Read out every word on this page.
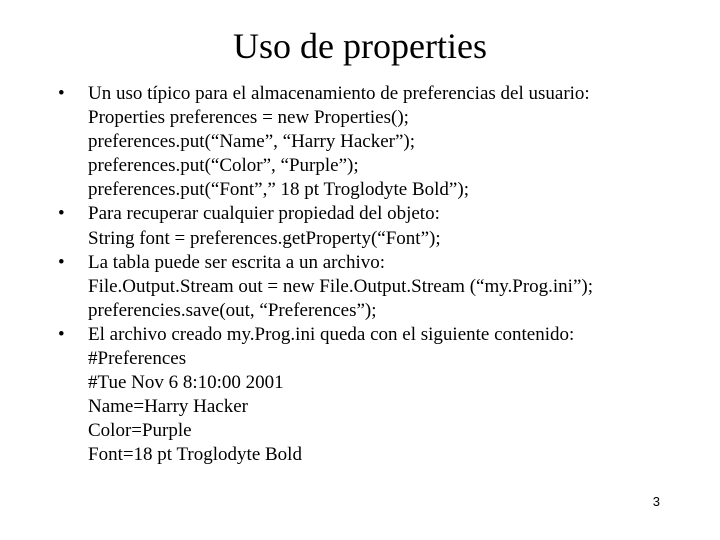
Uso de properties
•	Un uso típico para el almacenamiento de preferencias del usuario:
Properties preferences = new Properties();
preferences.put(“Name”, “Harry Hacker”);
preferences.put(“Color”, “Purple”);
preferences.put(“Font”,” 18 pt Troglodyte Bold”);
•	Para recuperar cualquier propiedad del objeto:
String font = preferences.getProperty(“Font”);
•	La tabla puede ser escrita a un archivo:
File.Output.Stream out = new File.Output.Stream (“my.Prog.ini”);
preferencies.save(out, “Preferences”);
•	El archivo creado my.Prog.ini queda con el siguiente contenido:
#Preferences
#Tue Nov 6 8:10:00 2001
Name=Harry Hacker
Color=Purple
Font=18 pt Troglodyte Bold
3
